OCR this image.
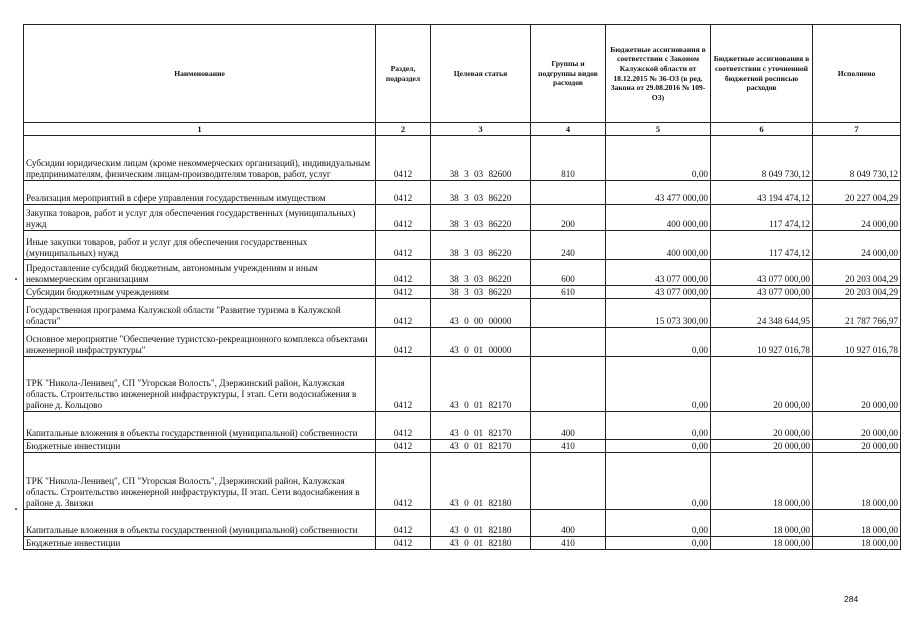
Наименование	Раздел, подраздел	Целевая статья	Группы и подгруппы видов расходов	Бюджетные ассигнования в соответствии с Законом Калужской области от 18.12.2015 № 36-ОЗ (в ред. Закона от 29.08.2016 № 109-ОЗ)	Бюджетные ассигнования в соответствии с уточненной бюджетной росписью расходов	Исполнено
1	2	3	4	5	6	7
Субсидии юридическим лицам (кроме некоммерческих организаций), индивидуальным предпринимателям, физическим лицам-производителям товаров, работ, услуг	0412	38 3 03 82600	810	0,00	8 049 730,12	8 049 730,12
Реализация мероприятий в сфере управления государственным имуществом	0412	38 3 03 86220		43 477 000,00	43 194 474,12	20 227 004,29
Закупка товаров, работ и услуг для обеспечения государственных (муниципальных) нужд	0412	38 3 03 86220	200	400 000,00	117 474,12	24 000,00
Иные закупки товаров, работ и услуг для обеспечения государственных (муниципальных) нужд	0412	38 3 03 86220	240	400 000,00	117 474,12	24 000,00
Предоставление субсидий бюджетным, автономным учреждениям и иным некоммерческим организациям	0412	38 3 03 86220	600	43 077 000,00	43 077 000,00	20 203 004,29
Субсидии бюджетным учреждениям	0412	38 3 03 86220	610	43 077 000,00	43 077 000,00	20 203 004,29
Государственная программа Калужской области "Развитие туризма в Калужской области"	0412	43 0 00 00000		15 073 300,00	24 348 644,95	21 787 766,97
Основное мероприятие "Обеспечение туристско-рекреационного комплекса объектами инженерной инфраструктуры"	0412	43 0 01 00000		0,00	10 927 016,78	10 927 016,78
ТРК "Никола-Ленивец", СП "Угорская Волость", Дзержинский район, Калужская область. Строительство инженерной инфраструктуры, I этап. Сети водоснабжения в районе д. Кольцово	0412	43 0 01 82170		0,00	20 000,00	20 000,00
Капитальные вложения в объекты государственной (муниципальной) собственности	0412	43 0 01 82170	400	0,00	20 000,00	20 000,00
Бюджетные инвестиции	0412	43 0 01 82170	410	0,00	20 000,00	20 000,00
ТРК "Никола-Ленивец", СП "Угорская Волость", Дзержинский район, Калужская область. Строительство инженерной инфраструктуры, II этап. Сети водоснабжения в районе д. Звизжи	0412	43 0 01 82180		0,00	18 000,00	18 000,00
Капитальные вложения в объекты государственной (муниципальной) собственности	0412	43 0 01 82180	400	0,00	18 000,00	18 000,00
Бюджетные инвестиции	0412	43 0 01 82180	410	0,00	18 000,00	18 000,00
284
